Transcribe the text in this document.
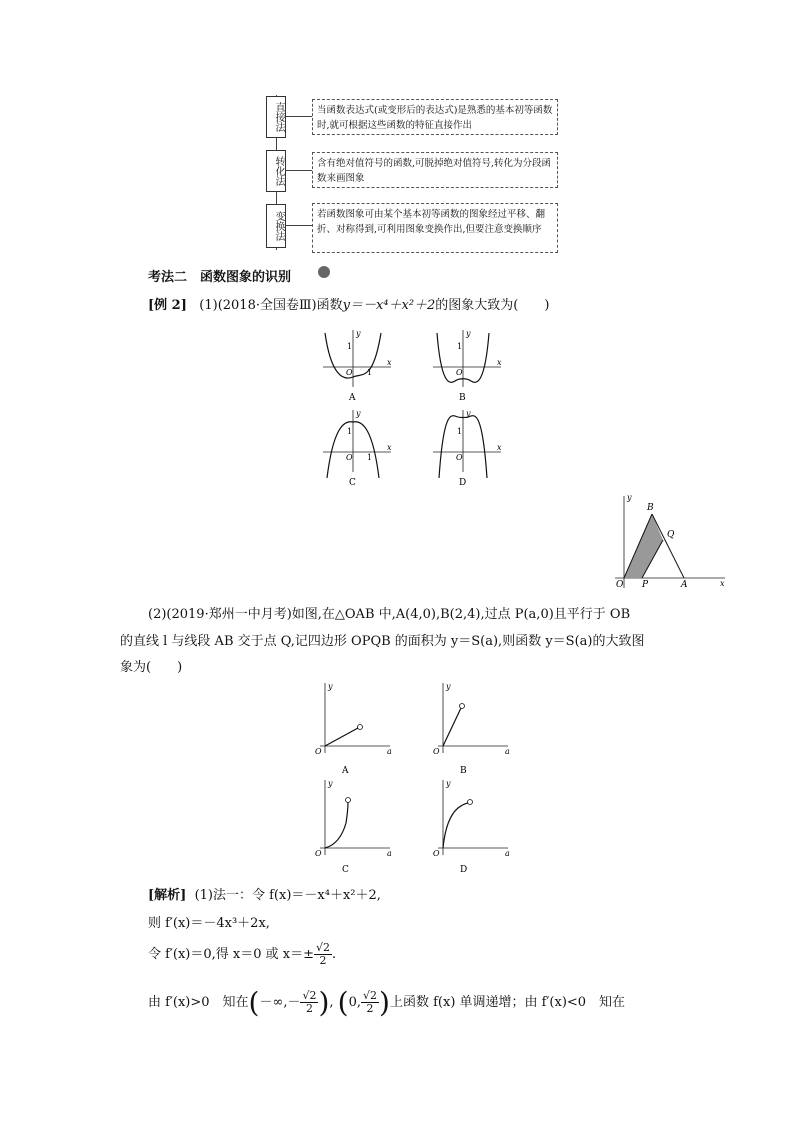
直接法
转化法
变换法
当函数表达式(或变形后的表达式)是熟悉的基本初等函数时,就可根据这些函数的特征直接作出
含有绝对值符号的函数,可脱掉绝对值符号,转化为分段函数来画图象
若函数图象可由某个基本初等函数的图象经过平移、翻折、对称得到,可利用图象变换作出,但要注意变换顺序
考法二　函数图象的识别
[例 2] (1)(2018·全国卷Ⅲ)函数y＝－x⁴＋x²＋2的图象大致为(　　)
y
x
1
O 1
A
y
x
1
O
B
y
x
1
O 1
C
y
x
1
O
D
B
Q
O P	A	x
y
(2)(2019·郑州一中月考)如图,在△OAB 中,A(4,0),B(2,4),过点 P(a,0)且平行于 OB
的直线 l 与线段 AB 交于点 Q,记四边形 OPQB 的面积为 y＝S(a),则函数 y＝S(a)的大致图
象为(　　)
y
a
O
A
y
a
O
B
y
a
O
C
y
a
O
D
[解析] (1)法一：令 f(x)＝－x⁴＋x²＋2,
则 f′(x)＝－4x³＋2x,
令 f′(x)＝0,得 x＝0 或 $x=\pm \frac{√2}{2}$ .
由 f′(x)>0　知在(－∞,－ $\frac{√2}{2}$ ), (0, $\frac{√2}{2}$ )上函数 f(x) 单调递增；由 f′(x)<0　知在
